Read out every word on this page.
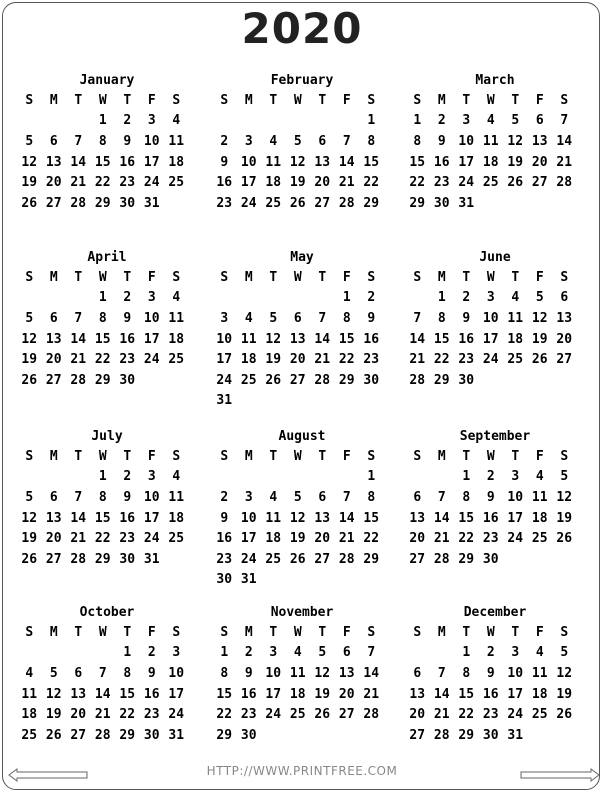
2020
January
S	M	T	W	T	F	S
			1	2	3	4
5	6	7	8	9	10	11
12	13	14	15	16	17	18
19	20	21	22	23	24	25
26	27	28	29	30	31	
February
S	M	T	W	T	F	S
						1
2	3	4	5	6	7	8
9	10	11	12	13	14	15
16	17	18	19	20	21	22
23	24	25	26	27	28	29
March
S	M	T	W	T	F	S
1	2	3	4	5	6	7
8	9	10	11	12	13	14
15	16	17	18	19	20	21
22	23	24	25	26	27	28
29	30	31				
April
S	M	T	W	T	F	S
			1	2	3	4
5	6	7	8	9	10	11
12	13	14	15	16	17	18
19	20	21	22	23	24	25
26	27	28	29	30		
May
S	M	T	W	T	F	S
					1	2
3	4	5	6	7	8	9
10	11	12	13	14	15	16
17	18	19	20	21	22	23
24	25	26	27	28	29	30
31						
June
S	M	T	W	T	F	S
	1	2	3	4	5	6
7	8	9	10	11	12	13
14	15	16	17	18	19	20
21	22	23	24	25	26	27
28	29	30				
July
S	M	T	W	T	F	S
			1	2	3	4
5	6	7	8	9	10	11
12	13	14	15	16	17	18
19	20	21	22	23	24	25
26	27	28	29	30	31	
August
S	M	T	W	T	F	S
						1
2	3	4	5	6	7	8
9	10	11	12	13	14	15
16	17	18	19	20	21	22
23	24	25	26	27	28	29
30	31					
September
S	M	T	W	T	F	S
		1	2	3	4	5
6	7	8	9	10	11	12
13	14	15	16	17	18	19
20	21	22	23	24	25	26
27	28	29	30			
October
S	M	T	W	T	F	S
				1	2	3
4	5	6	7	8	9	10
11	12	13	14	15	16	17
18	19	20	21	22	23	24
25	26	27	28	29	30	31
November
S	M	T	W	T	F	S
1	2	3	4	5	6	7
8	9	10	11	12	13	14
15	16	17	18	19	20	21
22	23	24	25	26	27	28
29	30					
December
S	M	T	W	T	F	S
		1	2	3	4	5
6	7	8	9	10	11	12
13	14	15	16	17	18	19
20	21	22	23	24	25	26
27	28	29	30	31		
HTTP://WWW.PRINTFREE.COM
